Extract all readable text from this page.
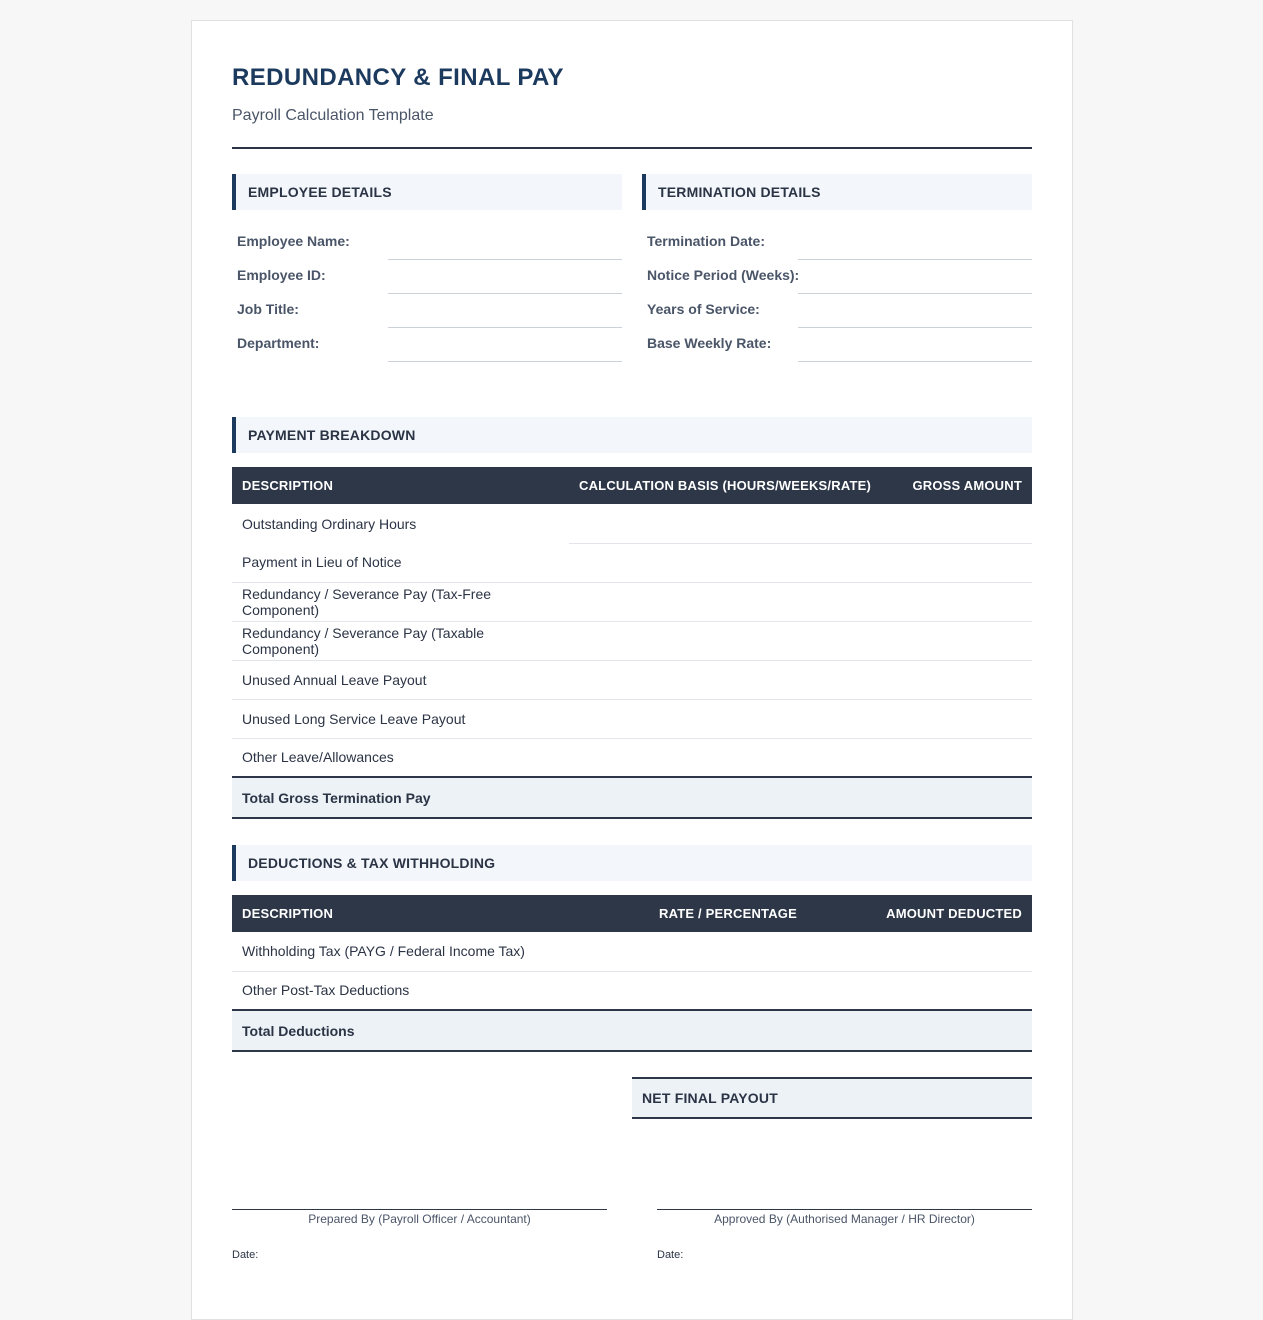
REDUNDANCY & FINAL PAY
Payroll Calculation Template
EMPLOYEE DETAILS
Employee Name:
Employee ID:
Job Title:
Department:
TERMINATION DETAILS
Termination Date:
Notice Period (Weeks):
Years of Service:
Base Weekly Rate:
PAYMENT BREAKDOWN
DESCRIPTION	CALCULATION BASIS (HOURS/WEEKS/RATE)	GROSS AMOUNT
Outstanding Ordinary Hours		
Payment in Lieu of Notice		
Redundancy / Severance Pay (Tax-Free Component)		
Redundancy / Severance Pay (Taxable Component)		
Unused Annual Leave Payout		
Unused Long Service Leave Payout		
Other Leave/Allowances		
Total Gross Termination Pay		
DEDUCTIONS & TAX WITHHOLDING
DESCRIPTION	RATE / PERCENTAGE	AMOUNT DEDUCTED
Withholding Tax (PAYG / Federal Income Tax)		
Other Post-Tax Deductions		
Total Deductions		
NET FINAL PAYOUT
Prepared By (Payroll Officer / Accountant)
Date:
Approved By (Authorised Manager / HR Director)
Date:
